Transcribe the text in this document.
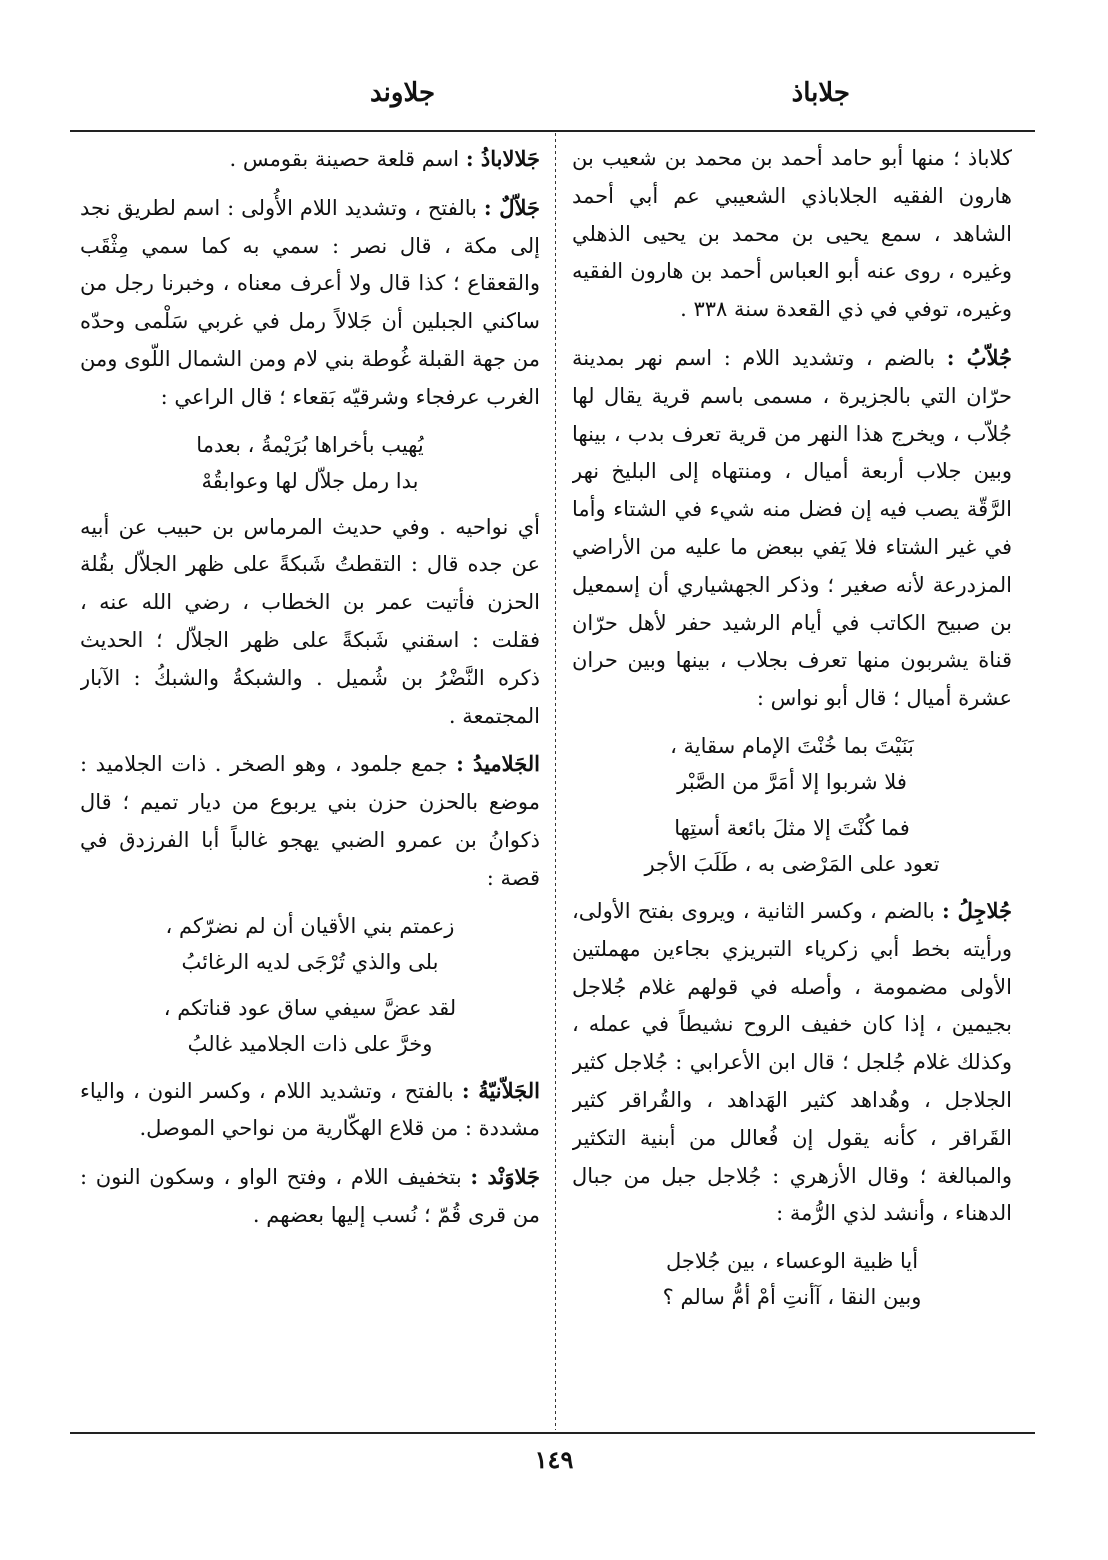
جلاباذ
جلاوند

كلاباذ ؛ منها أبو حامد أحمد بن محمد بن شعيب بن هارون الفقيه الجلاباذي الشعيبي عم أبي أحمد الشاهد ، سمع يحيى بن محمد بن يحيى الذهلي وغيره ، روى عنه أبو العباس أحمد بن هارون الفقيه وغيره، توفي في ذي القعدة سنة ٣٣٨ .

جُلاّبُ : بالضم ، وتشديد اللام : اسم نهر بمدينة حرّان التي بالجزيرة ، مسمى باسم قرية يقال لها جُلاّب ، ويخرج هذا النهر من قرية تعرف بدب ، بينها وبين جلاب أربعة أميال ، ومنتهاه إلى البليخ نهر الرَّقّة يصب فيه إن فضل منه شيء في الشتاء وأما في غير الشتاء فلا يَفي ببعض ما عليه من الأراضي المزدرعة لأنه صغير ؛ وذكر الجهشياري أن إسمعيل بن صبيح الكاتب في أيام الرشيد حفر لأهل حرّان قناة يشربون منها تعرف بجلاب ، بينها وبين حران عشرة أميال ؛ قال أبو نواس :

بَنَيْتَ بما خُنْتَ الإمام سقاية ،
فلا شربوا إلا أمَرَّ من الصَّبْر
فما كُنْتَ إلا مثلَ بائعة أستِها
تعود على المَرْضى به ، طَلَبَ الأجر

جُلاجِلُ : بالضم ، وكسر الثانية ، ويروى بفتح الأولى، ورأيته بخط أبي زكرياء التبريزي بجاءين مهملتين الأولى مضمومة ، وأصله في قولهم غلام جُلاجل بجيمين ، إذا كان خفيف الروح نشيطاً في عمله ، وكذلك غلام جُلجل ؛ قال ابن الأعرابي : جُلاجل كثير الجلاجل ، وهُداهد كثير الهَداهد ، والقُراقر كثير القَراقر ، كأنه يقول إن فُعالل من أبنية التكثير والمبالغة ؛ وقال الأزهري : جُلاجل جبل من جبال الدهناء ، وأنشد لذي الرُّمة :

أيا ظبية الوعساء ، بين جُلاجل
وبين النقا ، آأنتِ أمْ أمُّ سالم ؟

جَلالاباذُ : اسم قلعة حصينة بقومس .

جَلاّلٌ : بالفتح ، وتشديد اللام الأُولى : اسم لطريق نجد إلى مكة ، قال نصر : سمي به كما سمي مِثْقَب والقعقاع ؛ كذا قال ولا أعرف معناه ، وخبرنا رجل من ساكني الجبلين أن جَلالاً رمل في غربي سَلْمى وحدّه من جهة القبلة غُوطة بني لام ومن الشمال اللّوى ومن الغرب عرفجاء وشرقيّه بَقعاء ؛ قال الراعي :

يُهيب بأخراها بُرَيْمةُ ، بعدما
بدا رمل جلاّل لها وعوابقُهْ

أي نواحيه . وفي حديث المرماس بن حبيب عن أبيه عن جده قال : التقطتُ شَبكةً على ظهر الجلاّل بقُلة الحزن فأتيت عمر بن الخطاب ، رضي الله عنه ، فقلت : اسقني شَبكةً على ظهر الجلاّل ؛ الحديث ذكره النَّضْرُ بن شُميل . والشبكةُ والشبكُ : الآبار المجتمعة .

الجَلاميدُ : جمع جلمود ، وهو الصخر . ذات الجلاميد : موضع بالحزن حزن بني يربوع من ديار تميم ؛ قال ذكوانُ بن عمرو الضبي يهجو غالباً أبا الفرزدق في قصة :

زعمتم بني الأقيان أن لم نضرّكم ،
بلى والذي تُرْجَى لديه الرغائبُ
لقد عضَّ سيفي ساق عود قناتكم ،
وخرَّ على ذات الجلاميد غالبُ

الجَلاّنيّةُ : بالفتح ، وتشديد اللام ، وكسر النون ، والياء مشددة : من قلاع الهكّارية من نواحي الموصل.

جَلاوَنْد : بتخفيف اللام ، وفتح الواو ، وسكون النون : من قرى قُمّ ؛ نُسب إليها بعضهم .

١٤٩
